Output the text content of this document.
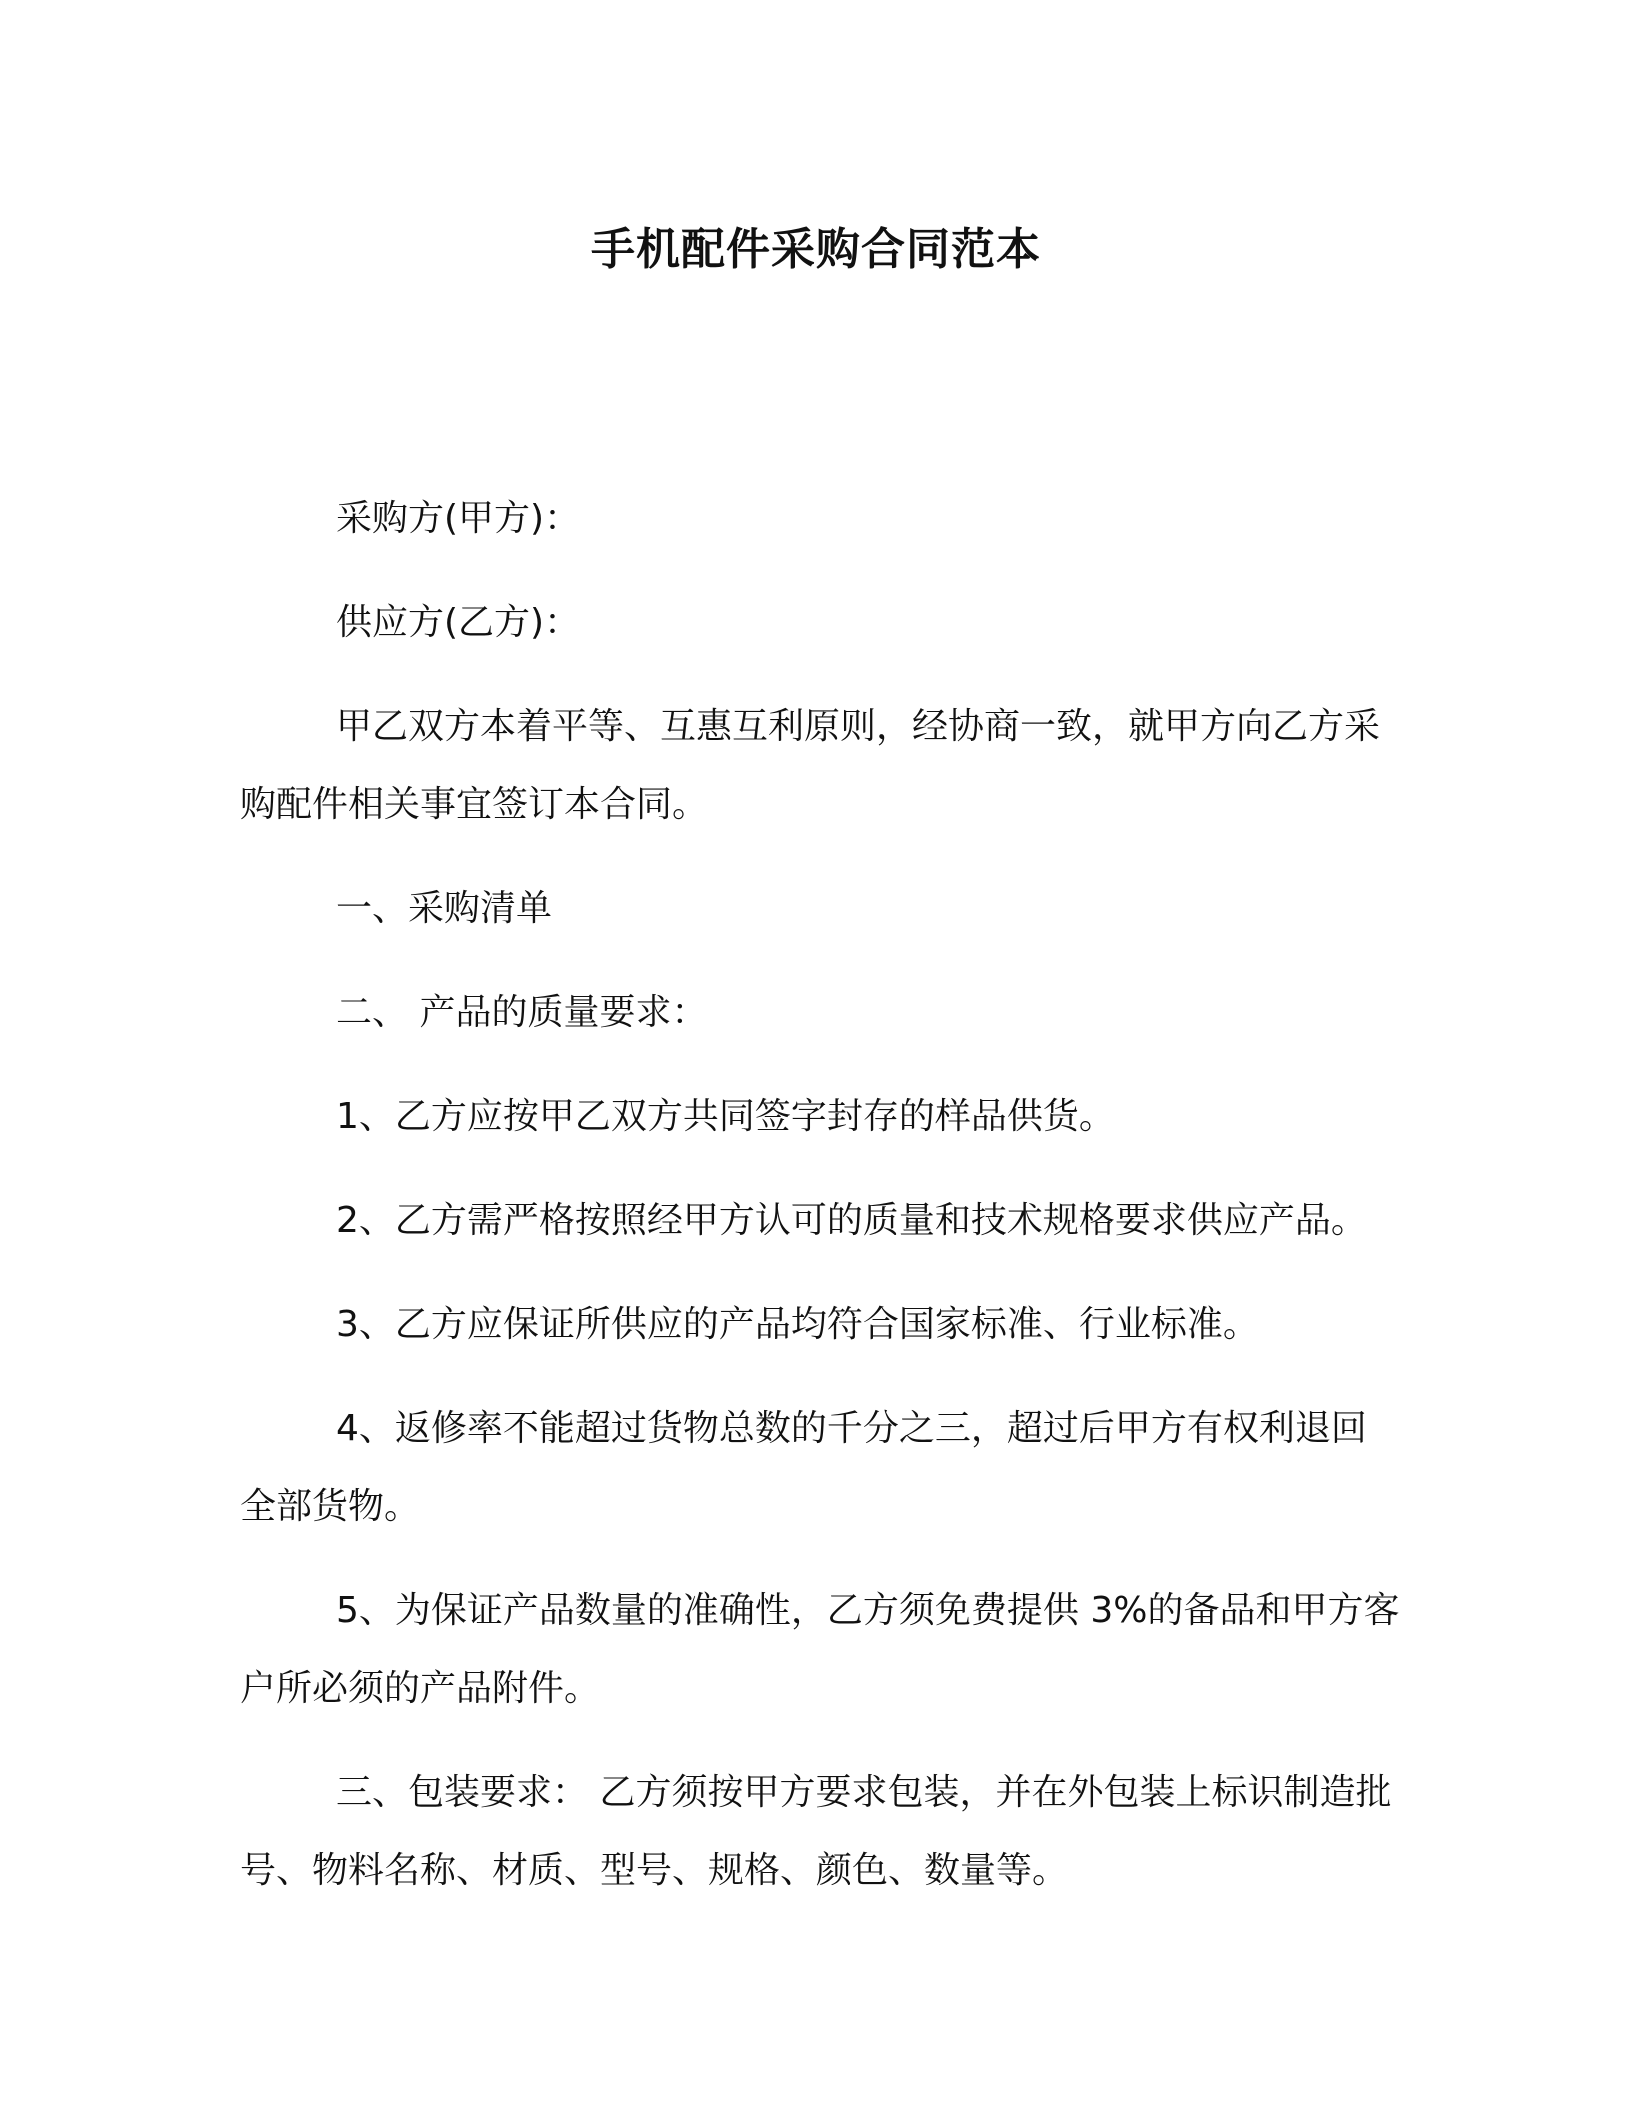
手机配件采购合同范本

采购方(甲方)：

供应方(乙方)：

甲乙双方本着平等、互惠互利原则，经协商一致，就甲方向乙方采购配件相关事宜签订本合同。

一、采购清单

二、 产品的质量要求：

1、乙方应按甲乙双方共同签字封存的样品供货。

2、乙方需严格按照经甲方认可的质量和技术规格要求供应产品。

3、乙方应保证所供应的产品均符合国家标准、行业标准。

4、返修率不能超过货物总数的千分之三，超过后甲方有权利退回全部货物。

5、为保证产品数量的准确性，乙方须免费提供 3%的备品和甲方客户所必须的产品附件。

三、包装要求： 乙方须按甲方要求包装，并在外包装上标识制造批号、物料名称、材质、型号、规格、颜色、数量等。
